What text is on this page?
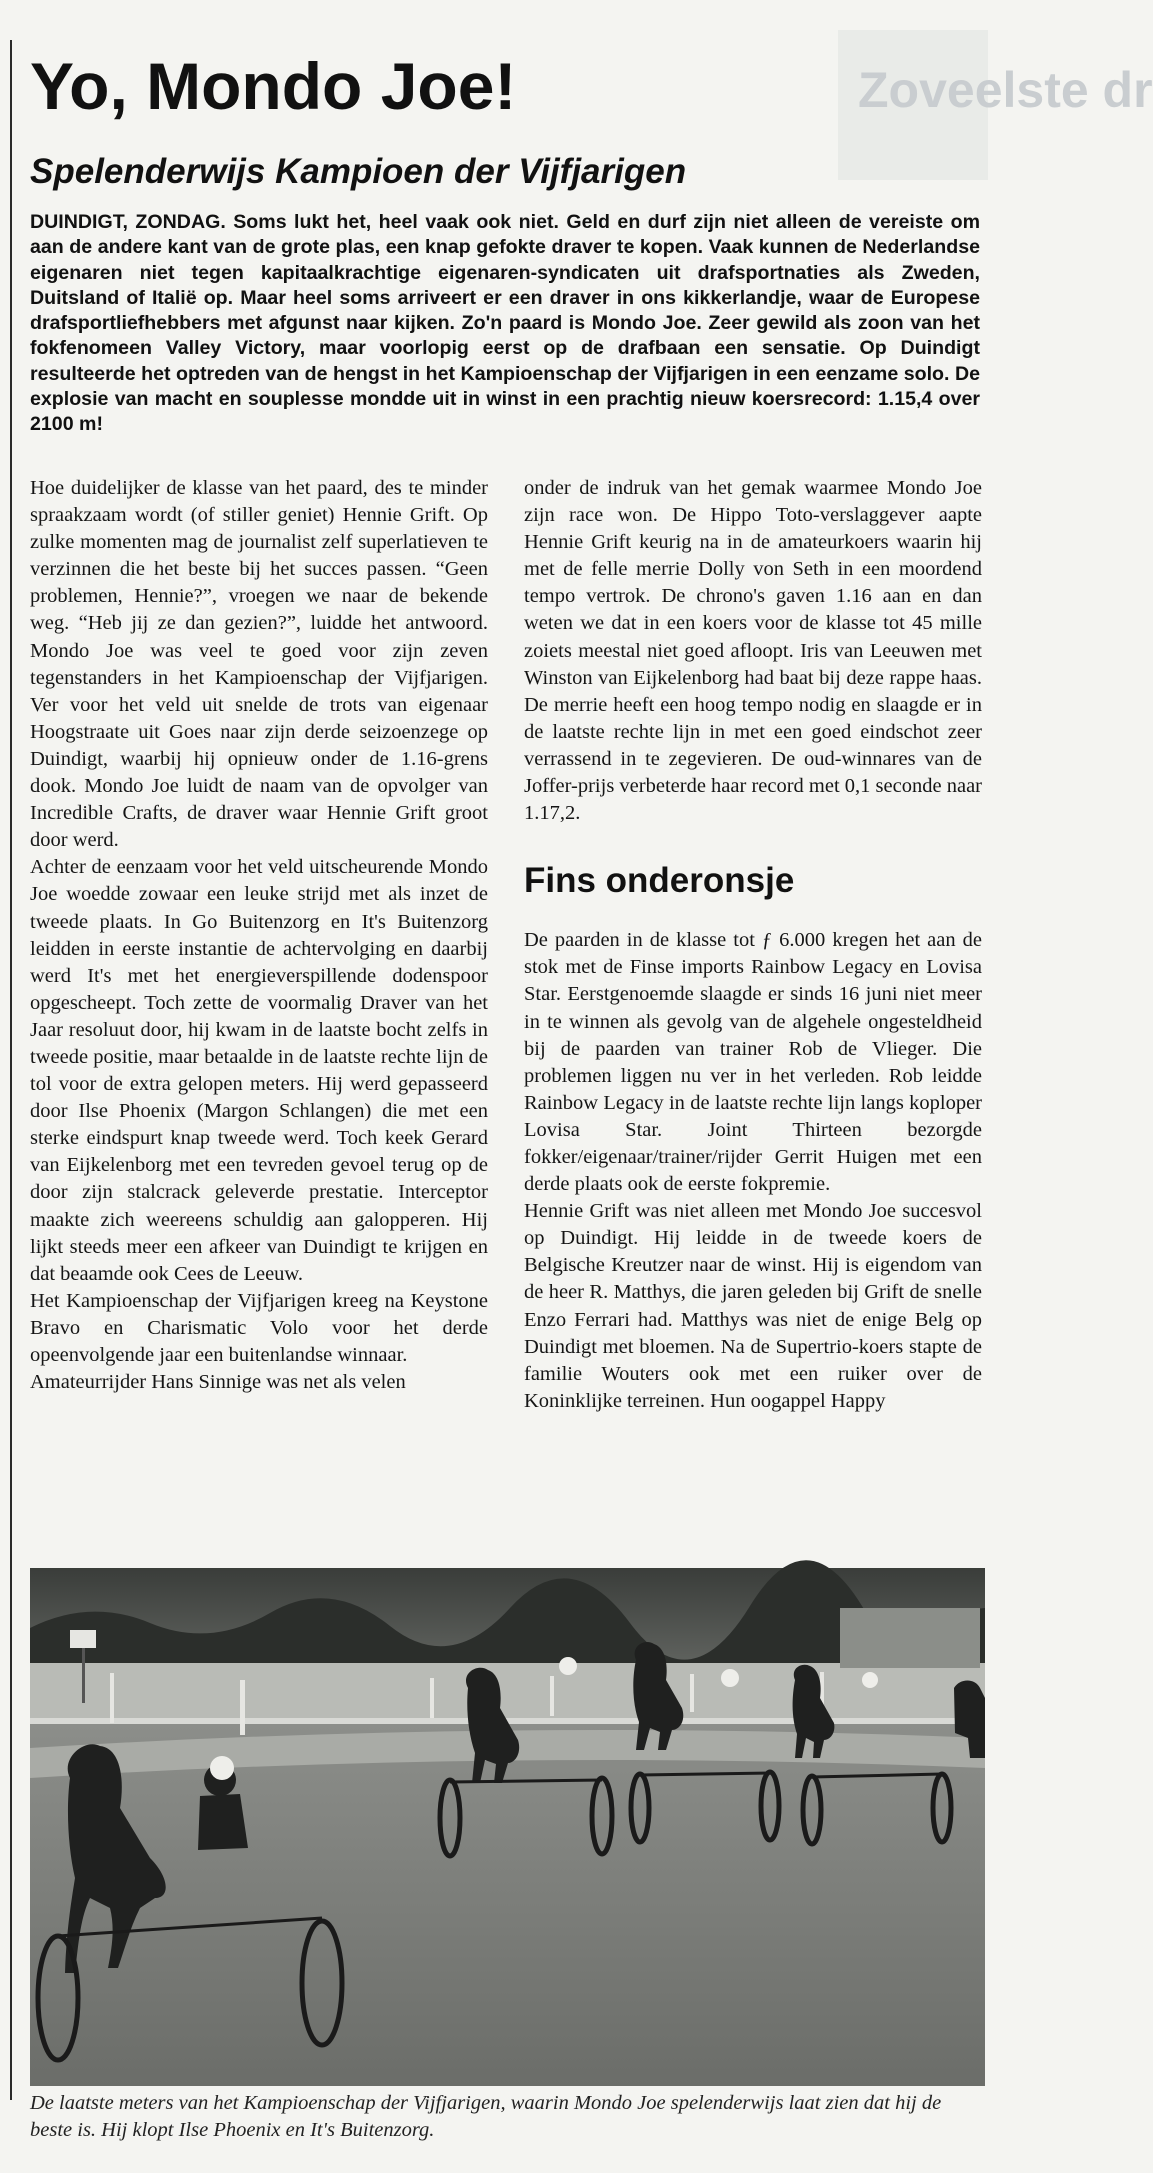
Zoveelste dr
Yo, Mondo Joe!
Spelenderwijs Kampioen der Vijfjarigen

DUINDIGT, ZONDAG. Soms lukt het, heel vaak ook niet. Geld en durf zijn niet alleen de vereiste om aan de andere kant van de grote plas, een knap gefokte draver te kopen. Vaak kunnen de Nederlandse eigenaren niet tegen kapitaalkrachtige eigenaren-syndicaten uit drafsportnaties als Zweden, Duitsland of Italië op. Maar heel soms arriveert er een draver in ons kikkerlandje, waar de Europese drafsportliefhebbers met afgunst naar kijken. Zo'n paard is Mondo Joe. Zeer gewild als zoon van het fokfenomeen Valley Victory, maar voorlopig eerst op de drafbaan een sensatie. Op Duindigt resulteerde het optreden van de hengst in het Kampioenschap der Vijfjarigen in een eenzame solo. De explosie van macht en souplesse mondde uit in winst in een prachtig nieuw koersrecord: 1.15,4 over 2100 m!

Hoe duidelijker de klasse van het paard, des te minder spraakzaam wordt (of stiller geniet) Hennie Grift. Op zulke momenten mag de journalist zelf superlatieven te verzinnen die het beste bij het succes passen. “Geen problemen, Hennie?”, vroegen we naar de bekende weg. “Heb jij ze dan gezien?”, luidde het antwoord. Mondo Joe was veel te goed voor zijn zeven tegenstanders in het Kampioenschap der Vijfjarigen. Ver voor het veld uit snelde de trots van eigenaar Hoogstraate uit Goes naar zijn derde seizoenzege op Duindigt, waarbij hij opnieuw onder de 1.16-grens dook. Mondo Joe luidt de naam van de opvolger van Incredible Crafts, de draver waar Hennie Grift groot door werd.

Achter de eenzaam voor het veld uitscheurende Mondo Joe woedde zowaar een leuke strijd met als inzet de tweede plaats. In Go Buitenzorg en It's Buitenzorg leidden in eerste instantie de achtervolging en daarbij werd It's met het energieverspillende dodenspoor opgescheept. Toch zette de voormalig Draver van het Jaar resoluut door, hij kwam in de laatste bocht zelfs in tweede positie, maar betaalde in de laatste rechte lijn de tol voor de extra gelopen meters. Hij werd gepasseerd door Ilse Phoenix (Margon Schlangen) die met een sterke eindspurt knap tweede werd. Toch keek Gerard van Eijkelenborg met een tevreden gevoel terug op de door zijn stalcrack geleverde prestatie. Interceptor maakte zich weereens schuldig aan galopperen. Hij lijkt steeds meer een afkeer van Duindigt te krijgen en dat beaamde ook Cees de Leeuw.

Het Kampioenschap der Vijfjarigen kreeg na Keystone Bravo en Charismatic Volo voor het derde opeenvolgende jaar een buitenlandse winnaar.

Amateurrijder Hans Sinnige was net als velen

onder de indruk van het gemak waarmee Mondo Joe zijn race won. De Hippo Toto-verslaggever aapte Hennie Grift keurig na in de amateurkoers waarin hij met de felle merrie Dolly von Seth in een moordend tempo vertrok. De chrono's gaven 1.16 aan en dan weten we dat in een koers voor de klasse tot 45 mille zoiets meestal niet goed afloopt. Iris van Leeuwen met Winston van Eijkelenborg had baat bij deze rappe haas. De merrie heeft een hoog tempo nodig en slaagde er in de laatste rechte lijn in met een goed eindschot zeer verrassend in te zegevieren. De oud-winnares van de Joffer-prijs verbeterde haar record met 0,1 seconde naar 1.17,2.

Fins onderonsje

De paarden in de klasse tot ƒ 6.000 kregen het aan de stok met de Finse imports Rainbow Legacy en Lovisa Star. Eerstgenoemde slaagde er sinds 16 juni niet meer in te winnen als gevolg van de algehele ongesteldheid bij de paarden van trainer Rob de Vlieger. Die problemen liggen nu ver in het verleden. Rob leidde Rainbow Legacy in de laatste rechte lijn langs koploper Lovisa Star. Joint Thirteen bezorgde fokker/eigenaar/trainer/rijder Gerrit Huigen met een derde plaats ook de eerste fokpremie.

Hennie Grift was niet alleen met Mondo Joe succesvol op Duindigt. Hij leidde in de tweede koers de Belgische Kreutzer naar de winst. Hij is eigendom van de heer R. Matthys, die jaren geleden bij Grift de snelle Enzo Ferrari had. Matthys was niet de enige Belg op Duindigt met bloemen. Na de Supertrio-koers stapte de familie Wouters ook met een ruiker over de Koninklijke terreinen. Hun oogappel Happy

De laatste meters van het Kampioenschap der Vijfjarigen, waarin Mondo Joe spelenderwijs laat zien dat hij de beste is. Hij klopt Ilse Phoenix en It's Buitenzorg.
